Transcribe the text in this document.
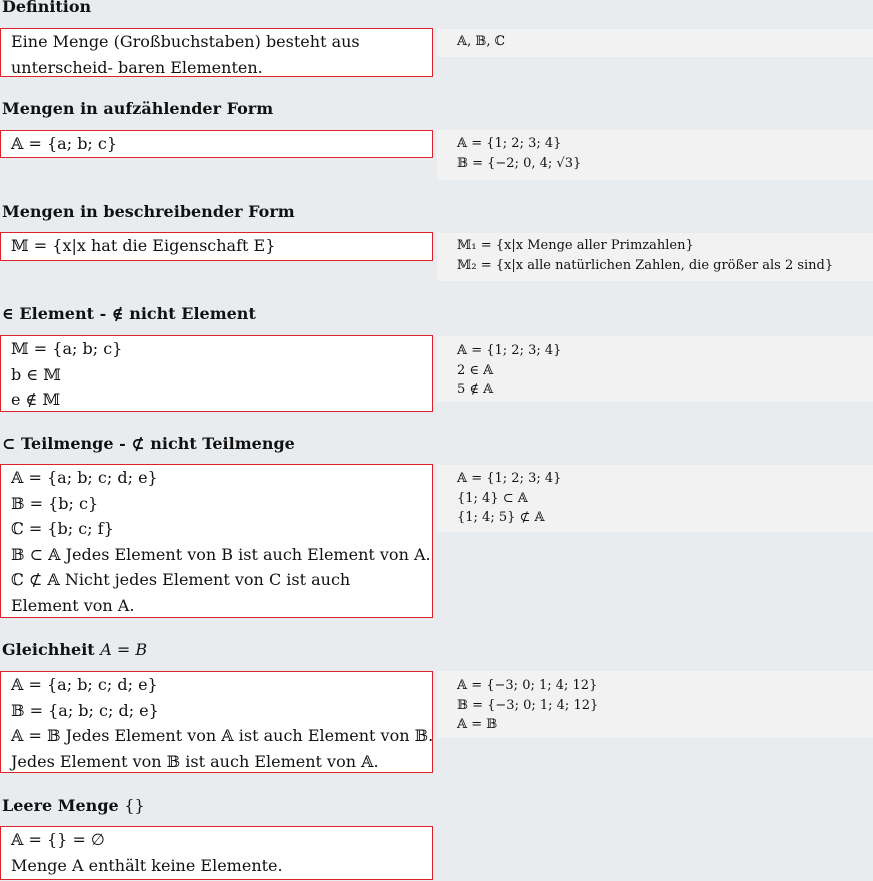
Definition
Eine Menge (Großbuchstaben) besteht aus unterscheid- baren Elementen.
𝔸, 𝔹, ℂ
Mengen in aufzählender Form
𝔸 = {a; b; c}	𝔸 = {1; 2; 3; 4}
𝔹 = {−2; 0, 4; √3}
Mengen in beschreibender Form
𝕄 = {x|x hat die Eigenschaft E}	𝕄₁ = {x|x Menge aller Primzahlen}
𝕄₂ = {x|x alle natürlichen Zahlen, die größer als 2 sind}
∈ Element - ∉ nicht Element
𝕄 = {a; b; c}
b ∈ 𝕄
e ∉ 𝕄
𝔸 = {1; 2; 3; 4}
2 ∈ 𝔸
5 ∉ 𝔸
⊂ Teilmenge - ⊄ nicht Teilmenge
𝔸 = {a; b; c; d; e}
𝔹 = {b; c}
ℂ = {b; c; f}
𝔹 ⊂ 𝔸 Jedes Element von B ist auch Element von A.
ℂ ⊄ 𝔸 Nicht jedes Element von C ist auch Element von A.
𝔸 = {1; 2; 3; 4}
{1; 4} ⊂ 𝔸
{1; 4; 5} ⊄ 𝔸
Gleichheit A = B
𝔸 = {a; b; c; d; e}
𝔹 = {a; b; c; d; e}
𝔸 = 𝔹 Jedes Element von 𝔸 ist auch Element von 𝔹.
Jedes Element von 𝔹 ist auch Element von 𝔸.
𝔸 = {−3; 0; 1; 4; 12}
𝔹 = {−3; 0; 1; 4; 12}
𝔸 = 𝔹
Leere Menge {}
𝔸 = {} = ∅
Menge A enthält keine Elemente.
